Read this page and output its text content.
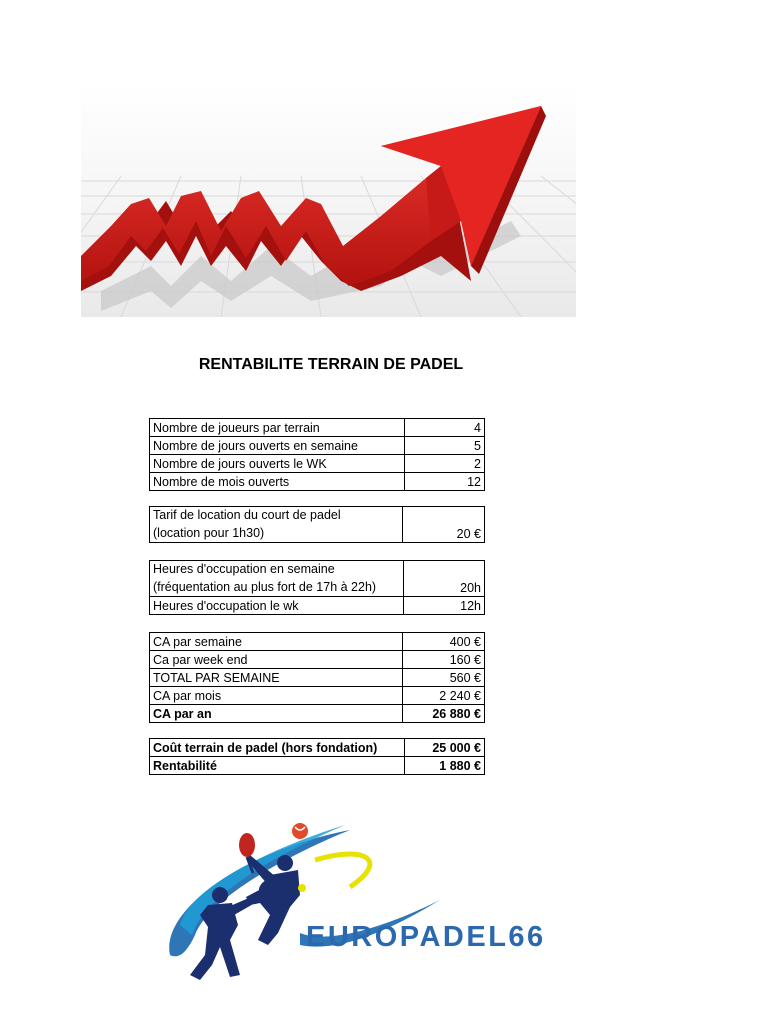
RENTABILITE TERRAIN DE PADEL
Nombre de joueurs par terrain	4
Nombre de jours ouverts en semaine	5
Nombre de jours ouverts le WK	2
Nombre de mois ouverts	12
Tarif de location du court de padel
(location pour 1h30)	20 €
Heures d'occupation en semaine
(fréquentation au plus fort de 17h à 22h)	20h
Heures d'occupation le wk	12h
CA par semaine	400 €
Ca par week end	160 €
TOTAL PAR SEMAINE	560 €
CA par mois	2 240 €
CA par an	26 880 €
Coût terrain de padel (hors fondation)	25 000 €
Rentabilité	1 880 €
EUROPADEL66
